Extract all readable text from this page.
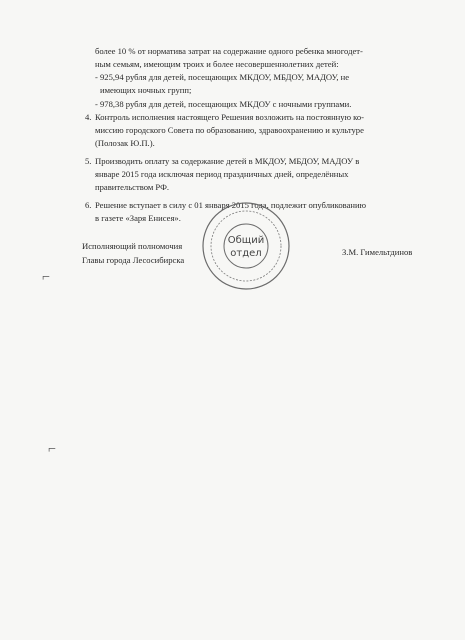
более 10 % от норматива затрат на содержание одного ребенка многодет-
ным семьям, имеющим троих и более несовершеннолетних детей:
- 925,94 рубля для детей, посещающих МКДОУ, МБДОУ, МАДОУ, не
имеющих ночных групп;
- 978,38 рубля для детей, посещающих МКДОУ с ночными группами.
4. Контроль исполнения настоящего Решения возложить на постоянную ко-
миссию городского Совета по образованию, здравоохранению и культуре
(Полозак Ю.П.).
5. Производить оплату за содержание детей в МКДОУ, МБДОУ, МАДОУ в
январе 2015 года исключая период праздничных дней, определённых
правительством РФ.
6. Решение вступает в силу с 01 января 2015 года, подлежит опубликованию
в газете «Заря Енисея».
Исполняющий полномочия
Главы города Лесосибирска
З.М. Гимельтдинов
Общий
отдел
⌐
⌐
